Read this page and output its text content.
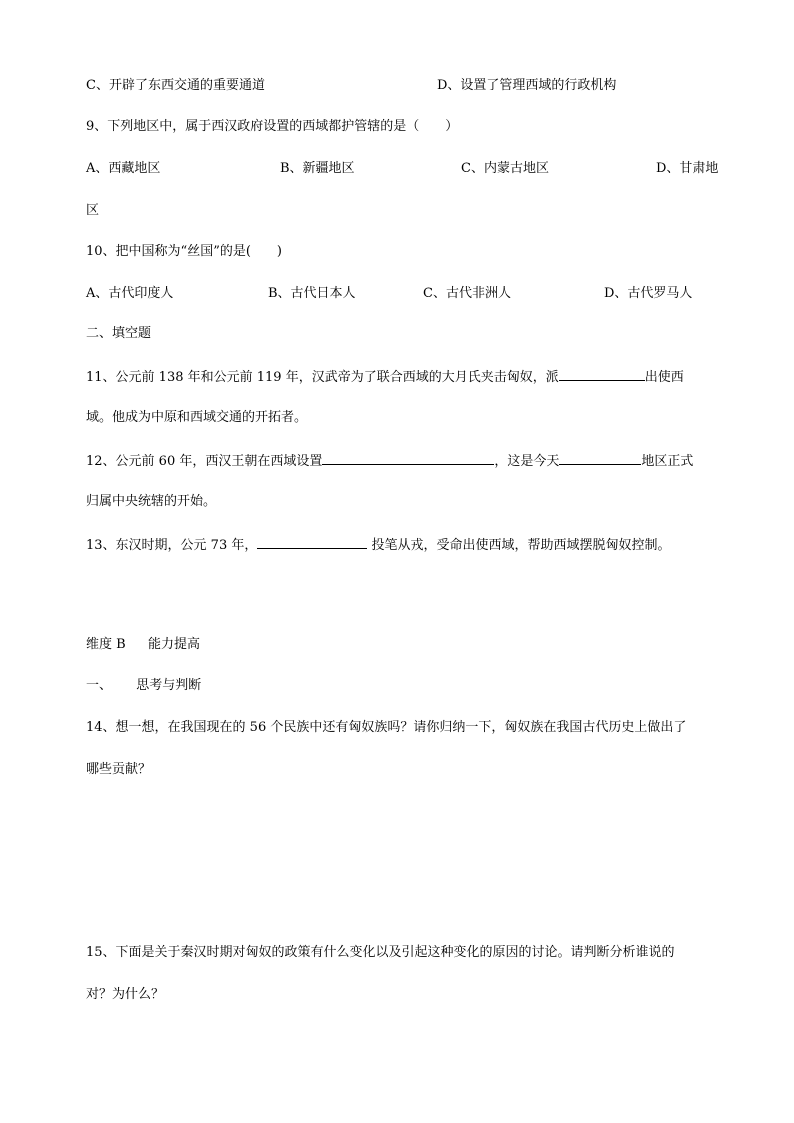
C、开辟了东西交通的重要通道	D、设置了管理西域的行政机构
9、下列地区中，属于西汉政府设置的西域都护管辖的是（　　）
A、西藏地区	B、新疆地区	C、内蒙古地区	D、甘肃地
区
10、把中国称为“丝国”的是(　　)
A、古代印度人	B、古代日本人	C、古代非洲人	D、古代罗马人
二、填空题
11、公元前 138 年和公元前 119 年，汉武帝为了联合西域的大月氏夹击匈奴，派	出使西
域。他成为中原和西域交通的开拓者。
12、公元前 60 年，西汉王朝在西域设置	，这是今天	地区正式
归属中央统辖的开始。
13、东汉时期，公元 73 年，	投笔从戎，受命出使西域，帮助西域摆脱匈奴控制。
维度 B 能力提高
一、 思考与判断
14、想一想，在我国现在的 56 个民族中还有匈奴族吗？请你归纳一下，匈奴族在我国古代历史上做出了
哪些贡献？
15、下面是关于秦汉时期对匈奴的政策有什么变化以及引起这种变化的原因的讨论。请判断分析谁说的
对？为什么？
